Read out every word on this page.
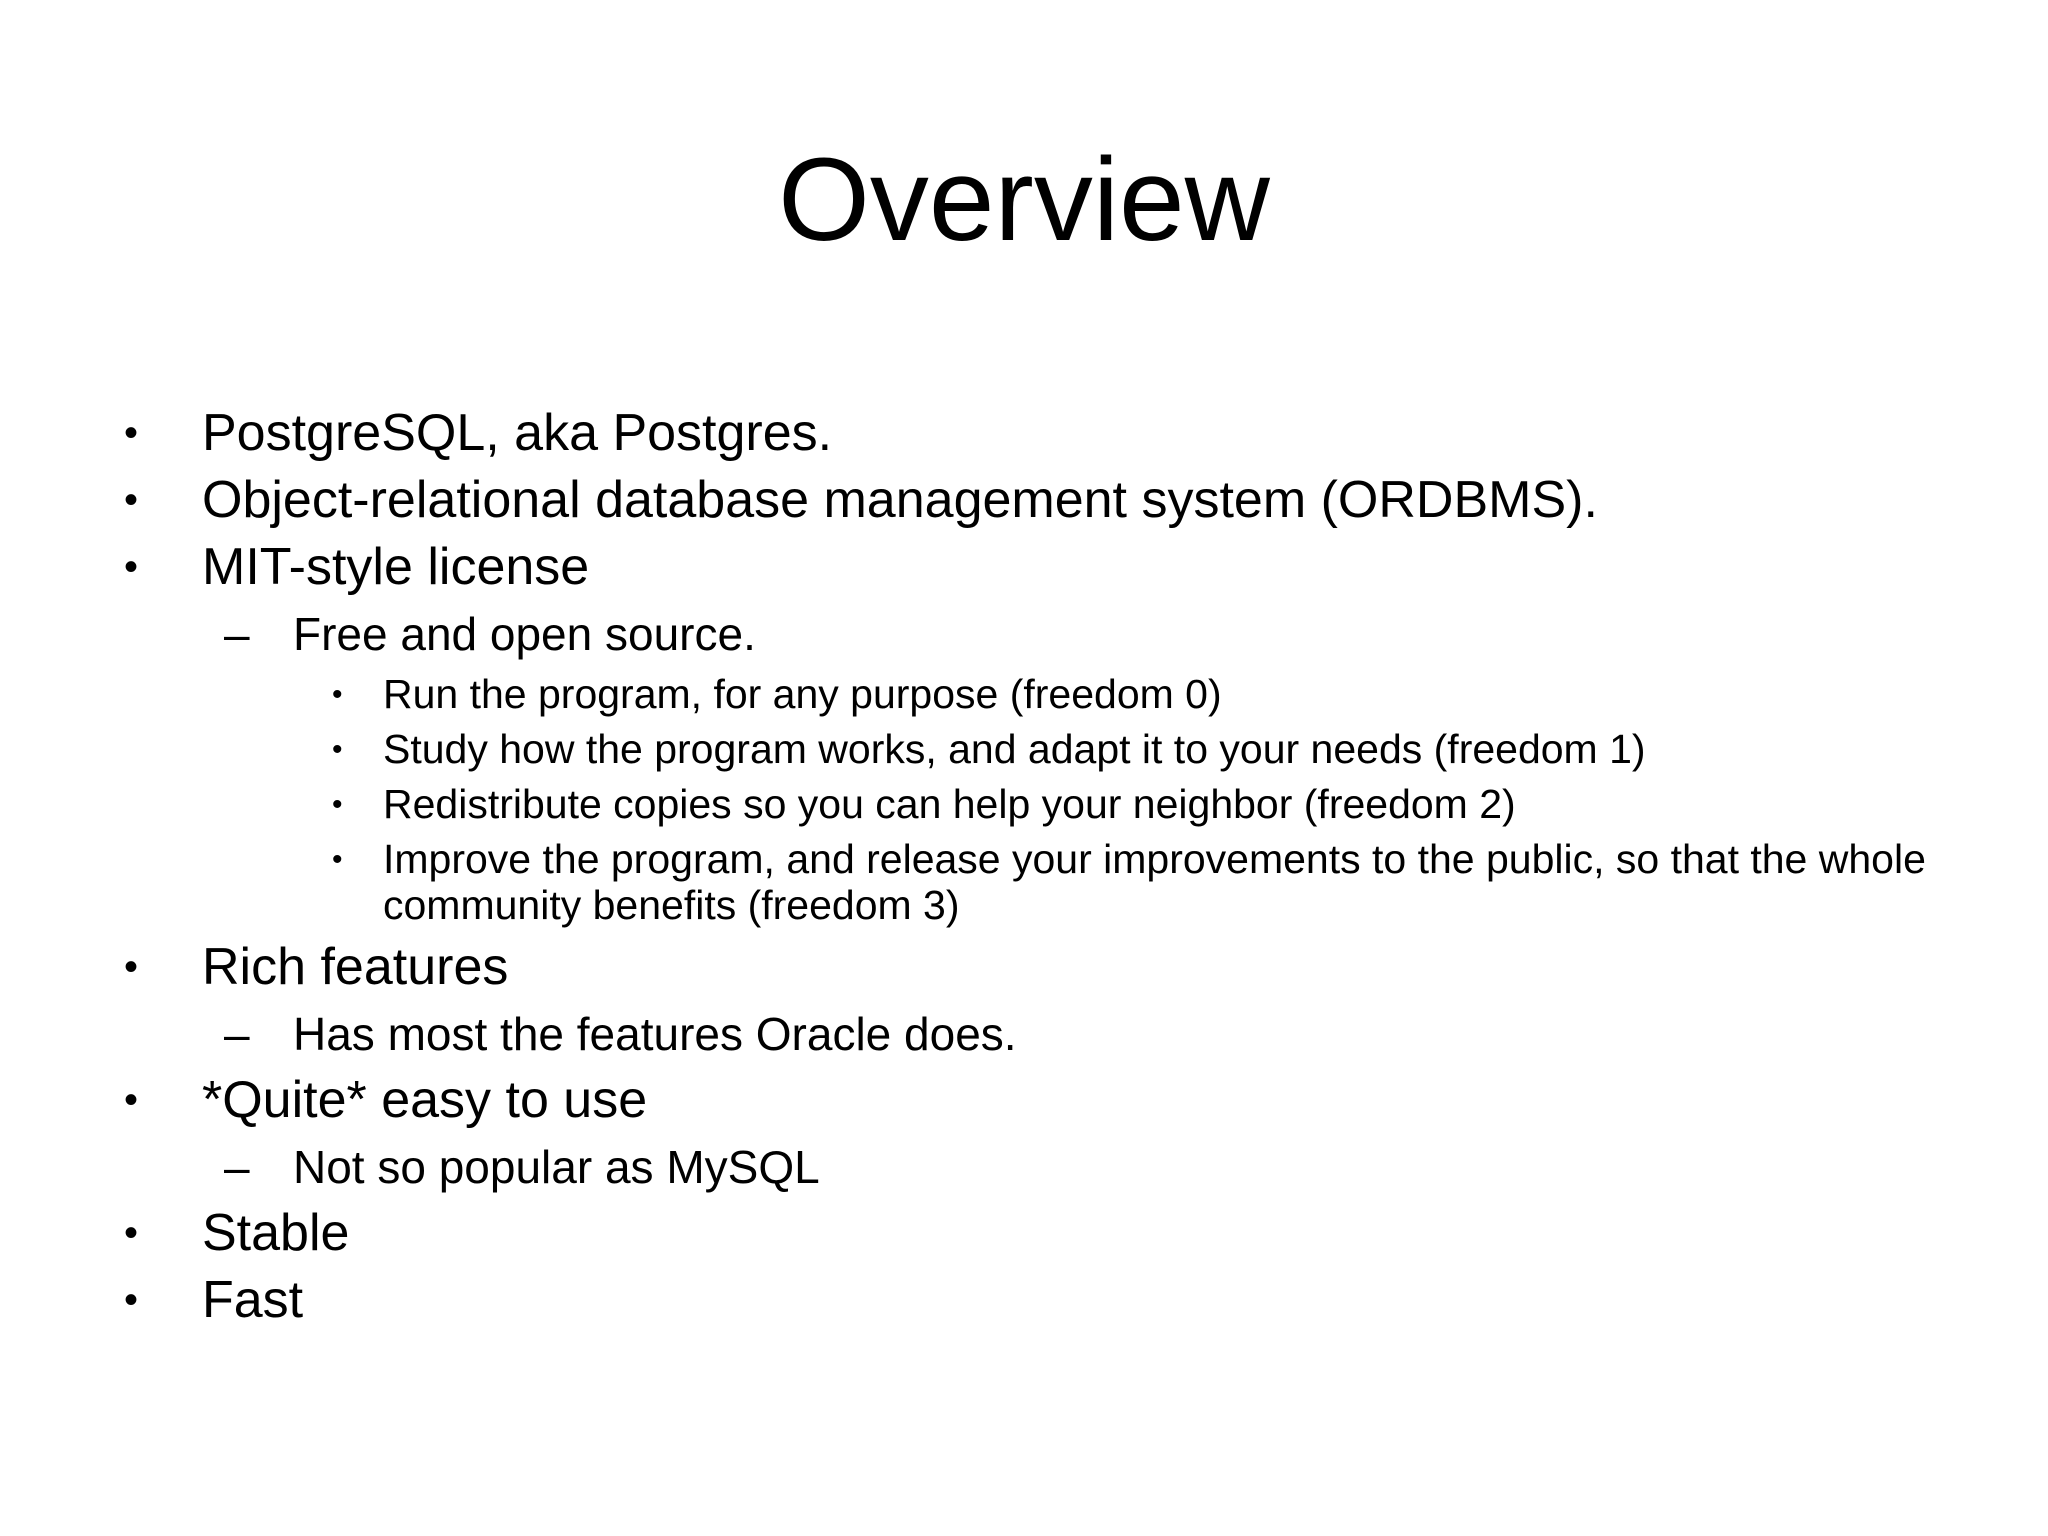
Overview
• PostgreSQL, aka Postgres.
• Object-relational database management system (ORDBMS).
• MIT-style license
– Free and open source.
• Run the program, for any purpose (freedom 0)
• Study how the program works, and adapt it to your needs (freedom 1)
• Redistribute copies so you can help your neighbor (freedom 2)
• Improve the program, and release your improvements to the public, so that the whole community benefits (freedom 3)
• Rich features
– Has most the features Oracle does.
• *Quite* easy to use
– Not so popular as MySQL
• Stable
• Fast
